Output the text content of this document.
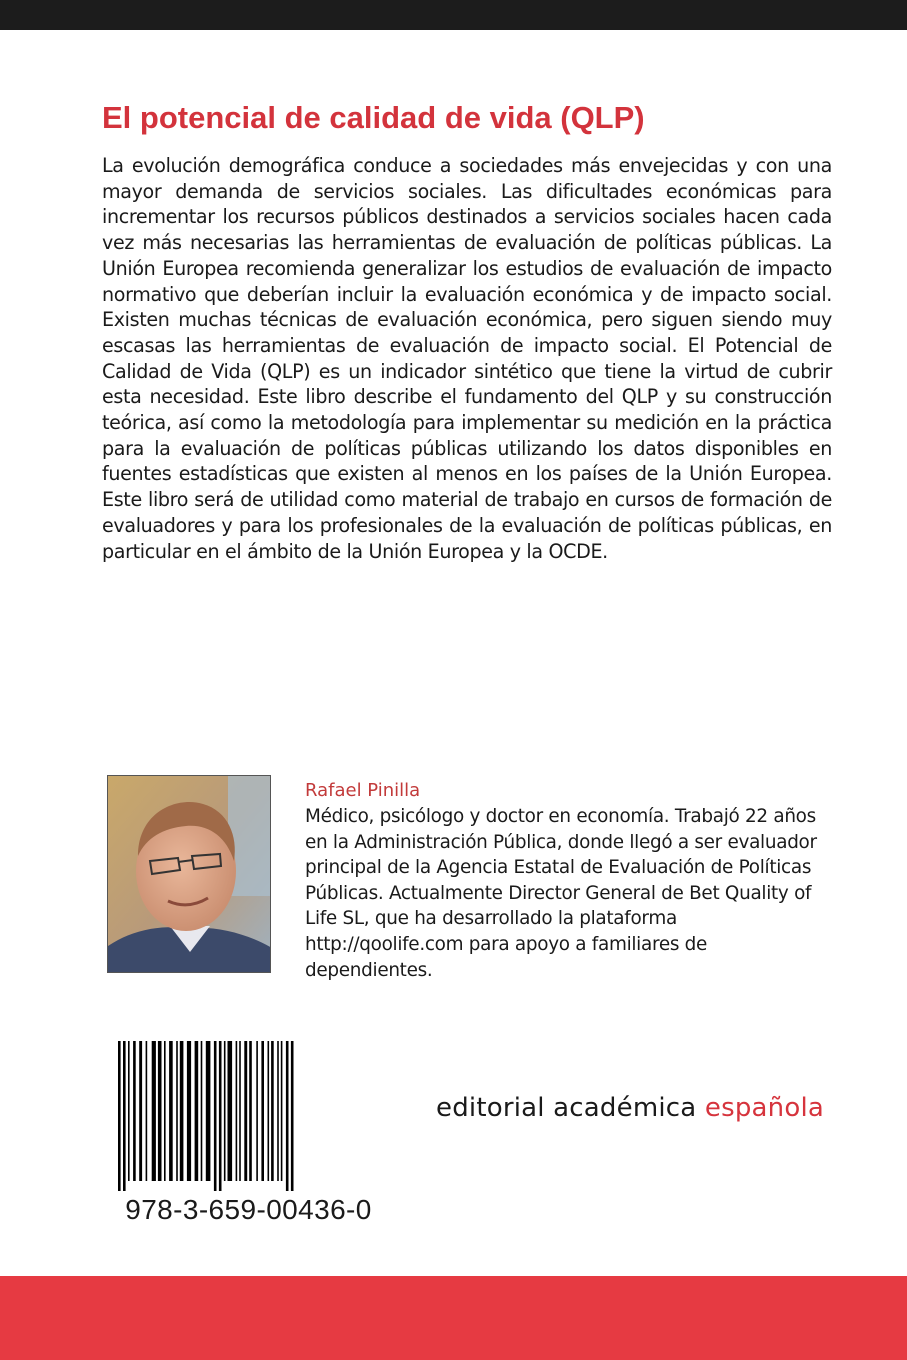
El potencial de calidad de vida (QLP)

La evolución demográfica conduce a sociedades más envejecidas y con una mayor demanda de servicios sociales. Las dificultades económicas para incrementar los recursos públicos destinados a servicios sociales hacen cada vez más necesarias las herramientas de evaluación de políticas públicas. La Unión Europea recomienda generalizar los estudios de evaluación de impacto normativo que deberían incluir la evaluación económica y de impacto social. Existen muchas técnicas de evaluación económica, pero siguen siendo muy escasas las herramientas de evaluación de impacto social. El Potencial de Calidad de Vida (QLP) es un indicador sintético que tiene la virtud de cubrir esta necesidad. Este libro describe el fundamento del QLP y su construcción teórica, así como la metodología para implementar su medición en la práctica para la evaluación de políticas públicas utilizando los datos disponibles en fuentes estadísticas que existen al menos en los países de la Unión Europea. Este libro será de utilidad como material de trabajo en cursos de formación de evaluadores y para los profesionales de la evaluación de políticas públicas, en particular en el ámbito de la Unión Europea y la OCDE.

Rafael Pinilla

Médico, psicólogo y doctor en economía. Trabajó 22 años en la Administración Pública, donde llegó a ser evaluador principal de la Agencia Estatal de Evaluación de Políticas Públicas. Actualmente Director General de Bet Quality of Life SL, que ha desarrollado la plataforma http://qoolife.com para apoyo a familiares de dependientes.

978-3-659-00436-0

editorial académica española
